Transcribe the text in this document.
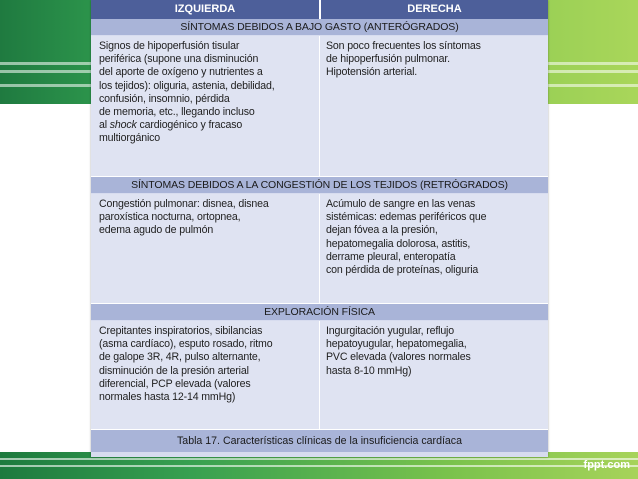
fppt.com
IZQUIERDA	DERECHA
SÍNTOMAS DEBIDOS A BAJO GASTO (ANTERÓGRADOS)
Signos de hipoperfusión tisular
periférica (supone una disminución
del aporte de oxígeno y nutrientes a
los tejidos): oliguria, astenia, debilidad,
confusión, insomnio, pérdida
de memoria, etc., llegando incluso
al shock cardiogénico y fracaso
multiorgánico
Son poco frecuentes los síntomas
de hipoperfusión pulmonar.
Hipotensión arterial.
SÍNTOMAS DEBIDOS A LA CONGESTIÓN DE LOS TEJIDOS (RETRÓGRADOS)
Congestión pulmonar: disnea, disnea
paroxística nocturna, ortopnea,
edema agudo de pulmón
Acúmulo de sangre en las venas
sistémicas: edemas periféricos que
dejan fóvea a la presión,
hepatomegalia dolorosa, astitis,
derrame pleural, enteropatía
con pérdida de proteínas, oliguria
EXPLORACIÓN FÍSICA
Crepitantes inspiratorios, sibilancias
(asma cardíaco), esputo rosado, ritmo
de galope 3R, 4R, pulso alternante,
disminución de la presión arterial
diferencial, PCP elevada (valores
normales hasta 12-14 mmHg)
Ingurgitación yugular, reflujo
hepatoyugular, hepatomegalia,
PVC elevada (valores normales
hasta 8-10 mmHg)
Tabla 17. Características clínicas de la insuficiencia cardíaca
